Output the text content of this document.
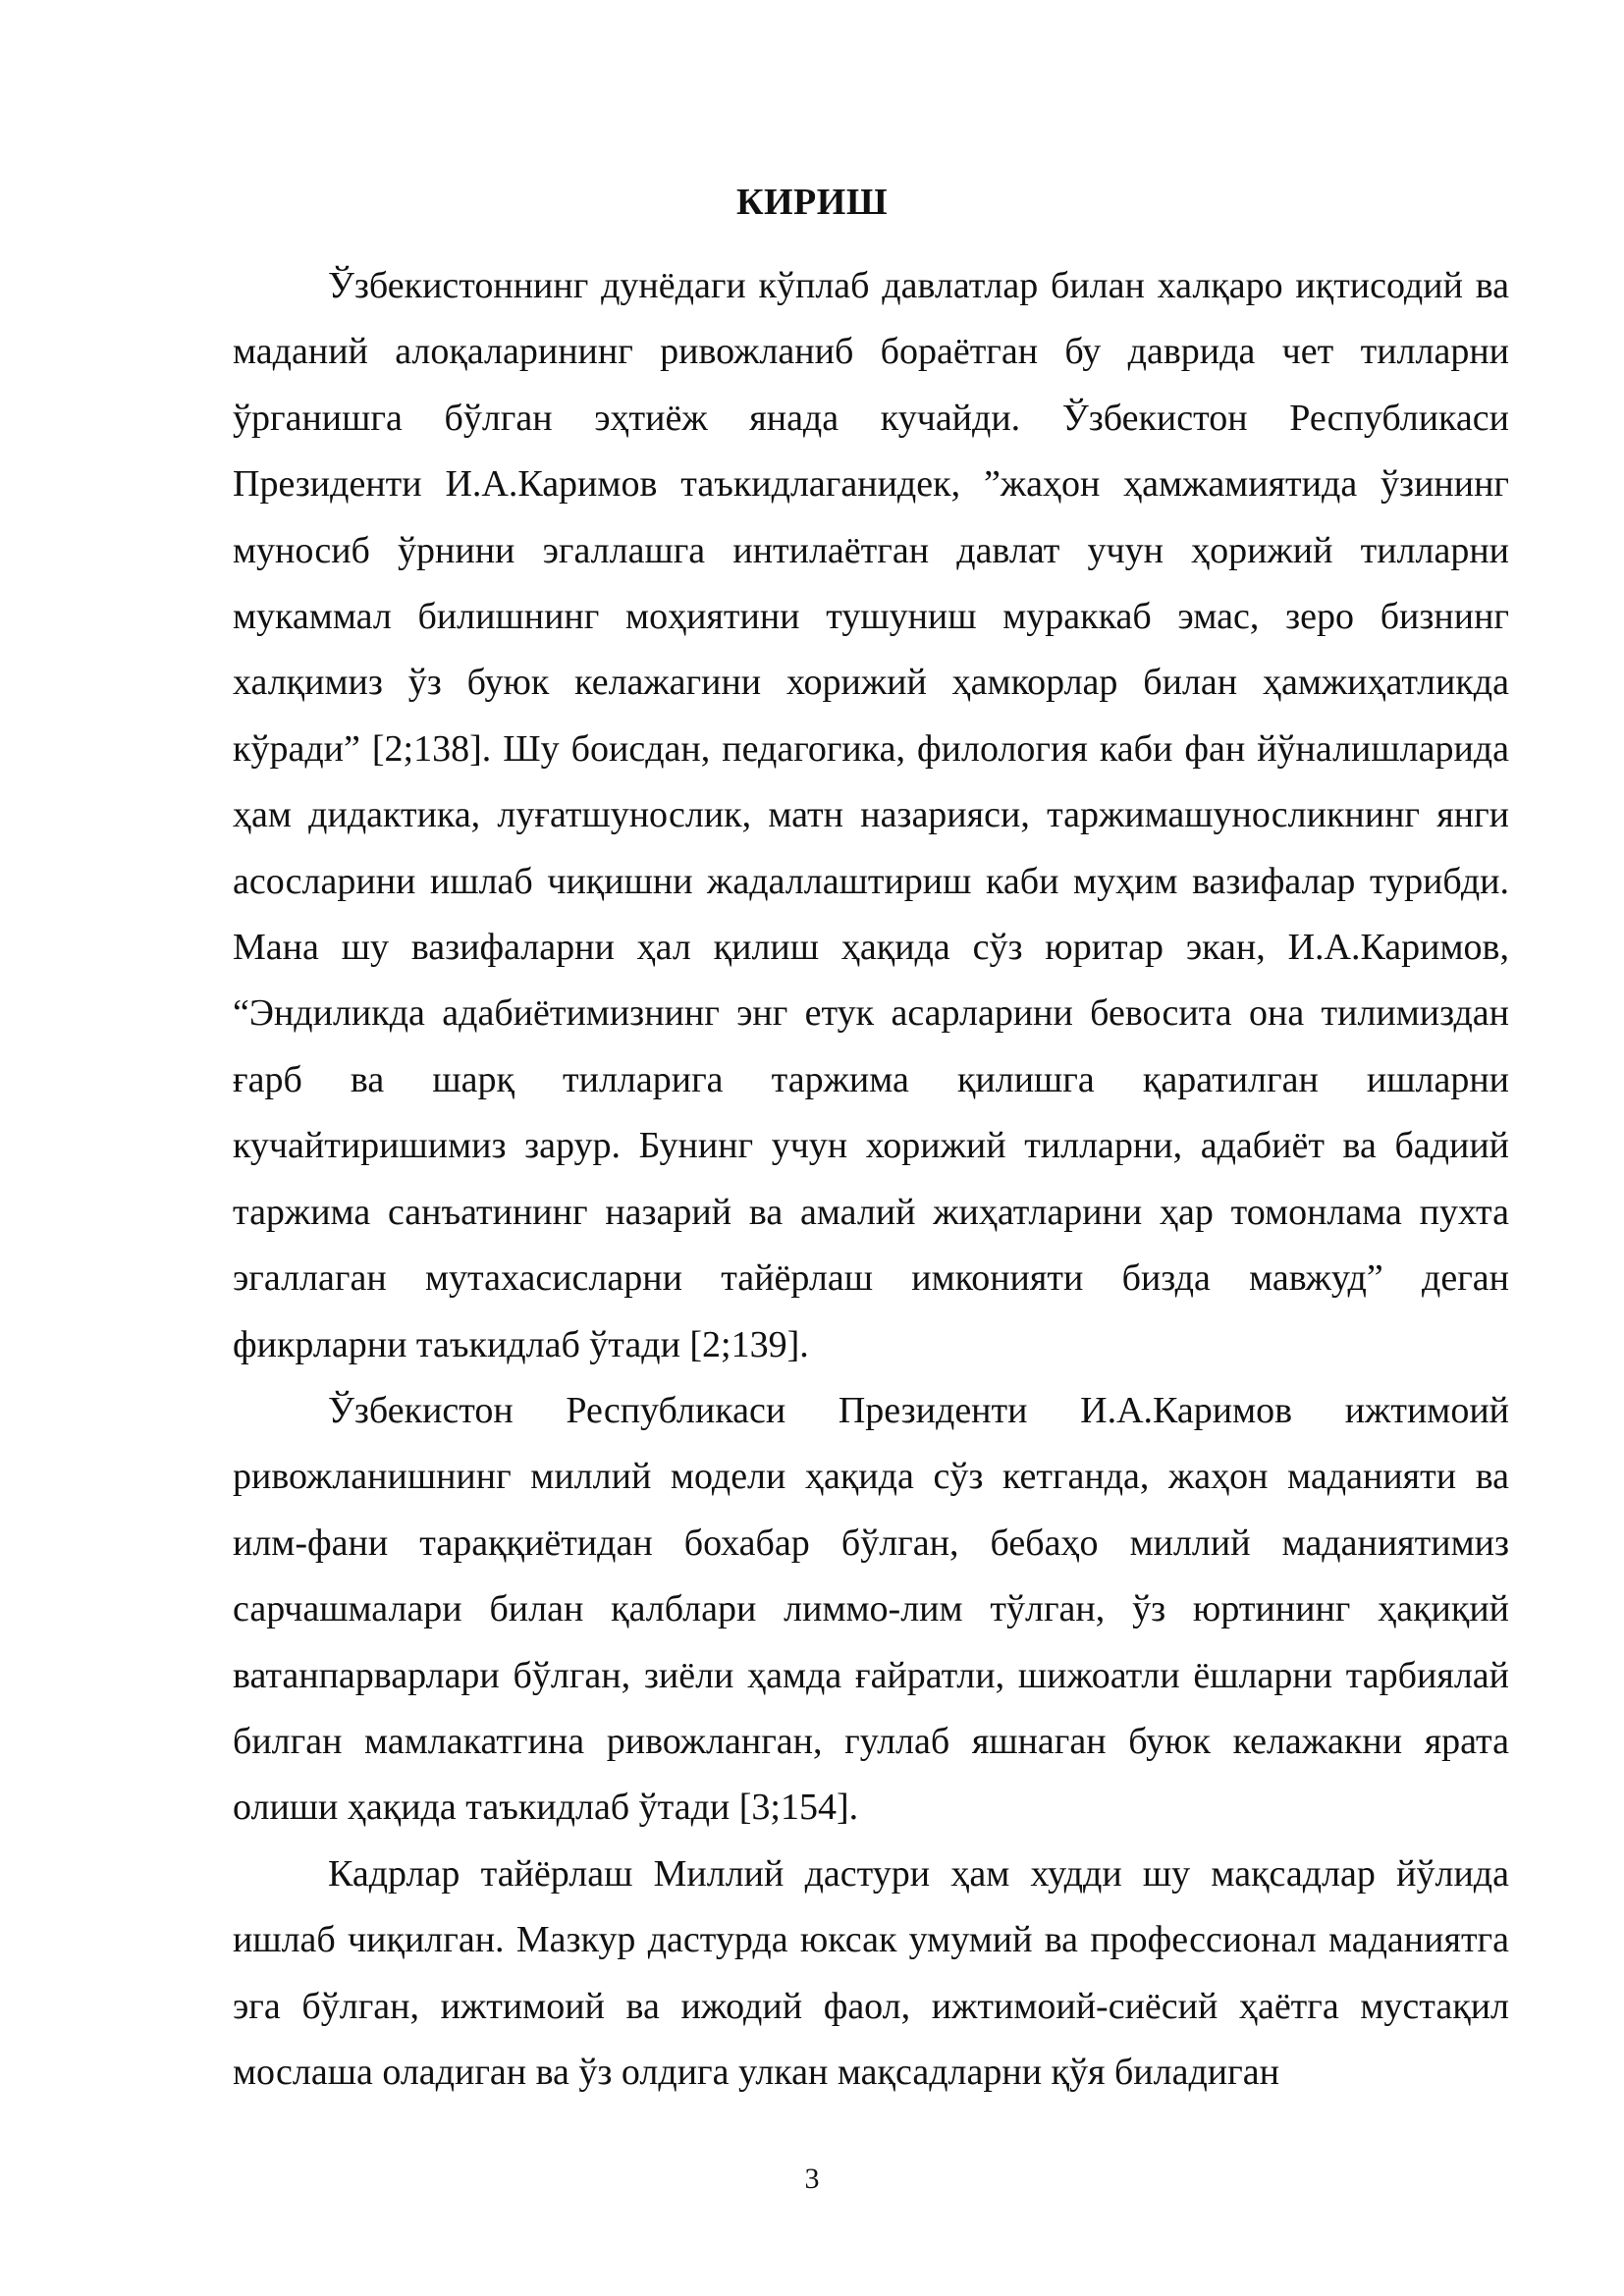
КИРИШ

Ўзбекистоннинг дунёдаги кўплаб давлатлар билан халқаро иқтисодий ва маданий алоқаларининг ривожланиб бораётган бу даврида чет тилларни ўрганишга бўлган эҳтиёж янада кучайди. Ўзбекистон Республикаси Президенти И.А.Каримов таъкидлаганидек, ”жаҳон ҳамжамиятида ўзининг муносиб ўрнини эгаллашга интилаётган давлат учун ҳорижий тилларни мукаммал билишнинг моҳиятини тушуниш мураккаб эмас, зеро бизнинг халқимиз ўз буюк келажагини хорижий ҳамкорлар билан ҳамжиҳатликда кўради” [2;138]. Шу боисдан, педагогика, филология каби фан йўналишларида ҳам дидактика, луғатшунослик, матн назарияси, таржимашуносликнинг янги асосларини ишлаб чиқишни жадаллаштириш каби муҳим вазифалар турибди. Мана шу вазифаларни ҳал қилиш ҳақида сўз юритар экан, И.А.Каримов, “Эндиликда адабиётимизнинг энг етук асарларини бевосита она тилимиздан ғарб ва шарқ тилларига таржима қилишга қаратилган ишларни кучайтиришимиз зарур. Бунинг учун хорижий тилларни, адабиёт ва бадиий таржима санъатининг назарий ва амалий жиҳатларини ҳар томонлама пухта эгаллаган мутахасисларни тайёрлаш имконияти бизда мавжуд” деган фикрларни таъкидлаб ўтади [2;139].

Ўзбекистон Республикаси Президенти И.А.Каримов ижтимоий ривожланишнинг миллий модели ҳақида сўз кетганда, жаҳон маданияти ва илм-фани тараққиётидан бохабар бўлган, бебаҳо миллий маданиятимиз сарчашмалари билан қалблари лиммо-лим тўлган, ўз юртининг ҳақиқий ватанпарварлари бўлган, зиёли ҳамда ғайратли, шижоатли ёшларни тарбиялай билган мамлакатгина ривожланган, гуллаб яшнаган буюк келажакни ярата олиши ҳақида таъкидлаб ўтади [3;154].

Кадрлар тайёрлаш Миллий дастури ҳам худди шу мақсадлар йўлида ишлаб чиқилган. Мазкур дастурда юксак умумий ва профессионал маданиятга эга бўлган, ижтимоий ва ижодий фаол, ижтимоий-сиёсий ҳаётга мустақил мослаша оладиган ва ўз олдига улкан мақсадларни қўя биладиган

3
